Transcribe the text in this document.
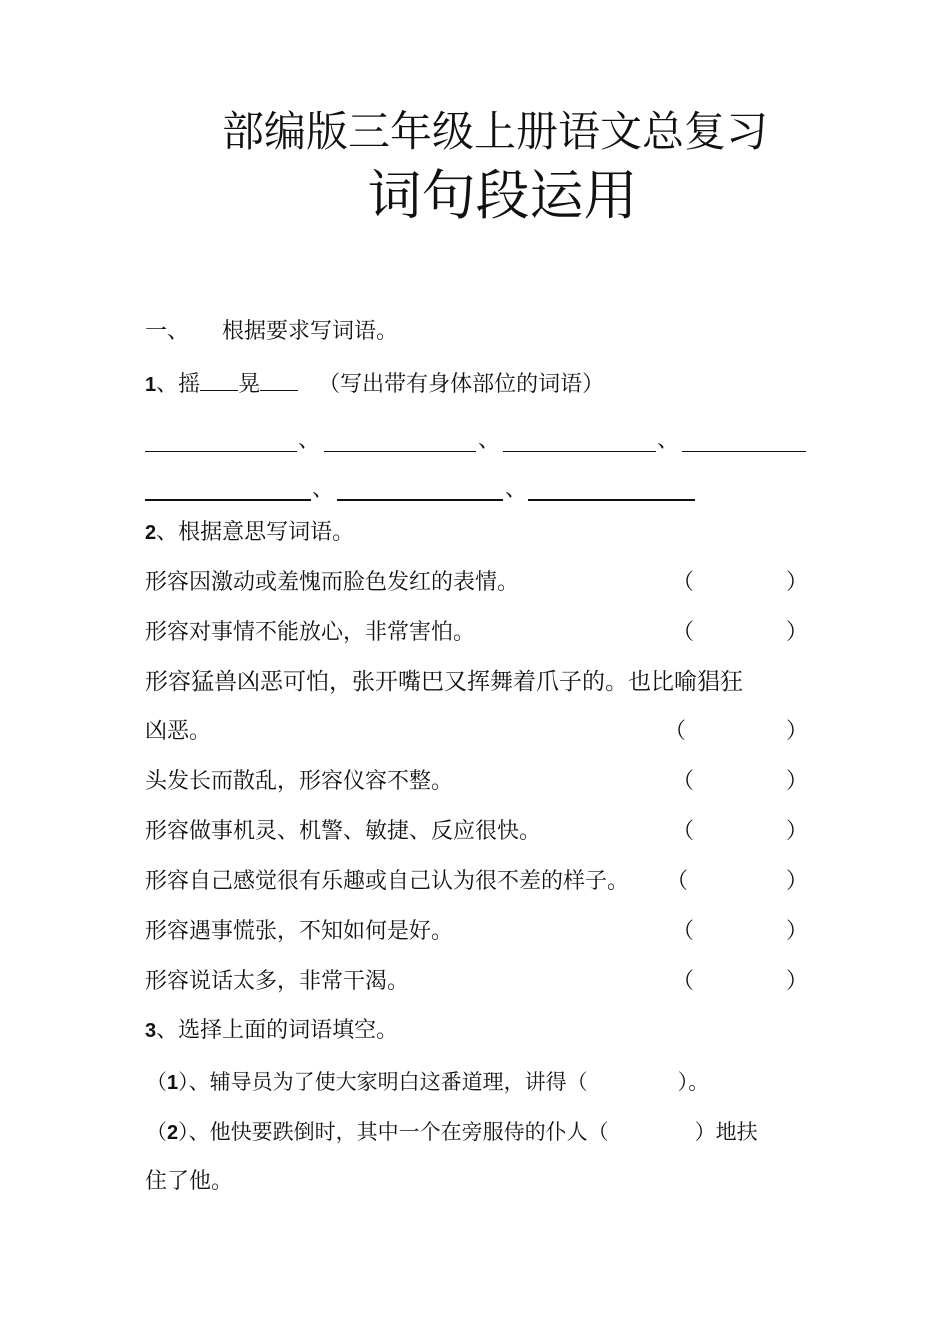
部编版三年级上册语文总复习
词句段运用
一、 根据要求写词语。
1、摇 晃	（写出带有身体部位的词语）
、	、	、
、	、
2、根据意思写词语。
形容因激动或羞愧而脸色发红的表情。	（	）
形容对事情不能放心，非常害怕。	（	）
形容猛兽凶恶可怕，张开嘴巴又挥舞着爪子的。也比喻猖狂
凶恶。	（	）
头发长而散乱，形容仪容不整。	（	）
形容做事机灵、机警、敏捷、反应很快。	（	）
形容自己感觉很有乐趣或自己认为很不差的样子。 （	）
形容遇事慌张，不知如何是好。	（	）
形容说话太多，非常干渴。	（	）
3、选择上面的词语填空。
（1）、辅导员为了使大家明白这番道理，讲得（	）。
（2）、他快要跌倒时，其中一个在旁服侍的仆人（	）地扶
住了他。
